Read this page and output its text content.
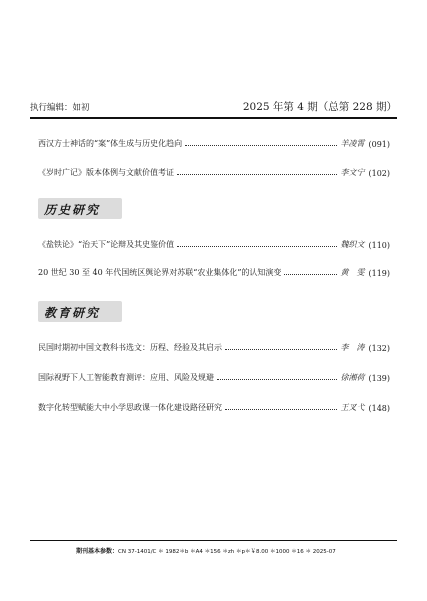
执行编辑：如初	2025 年第 4 期（总第 228 期）
西汉方士神话的“案”体生成与历史化趋向	羊凌霄 (091)
《岁时广记》版本体例与文献价值考证	李文宁 (102)
历史研究
《盐铁论》“治天下”论辩及其史鉴价值	魏织文 (110)
20 世纪 30 至 40 年代国统区舆论界对苏联“农业集体化”的认知演变	黄　雯 (119)
教育研究
民国时期初中国文教科书选文：历程、经验及其启示	李　涛 (132)
国际视野下人工智能教育测评：应用、风险及规避	徐湘荷 (139)
数字化转型赋能大中小学思政课一体化建设路径研究	王叉弋 (148)
期刊基本参数：CN 37-1401/C ＊ 1982＊b ＊A4 ＊156 ＊zh ＊p＊￥8.00 ＊1000 ＊16 ＊ 2025-07
